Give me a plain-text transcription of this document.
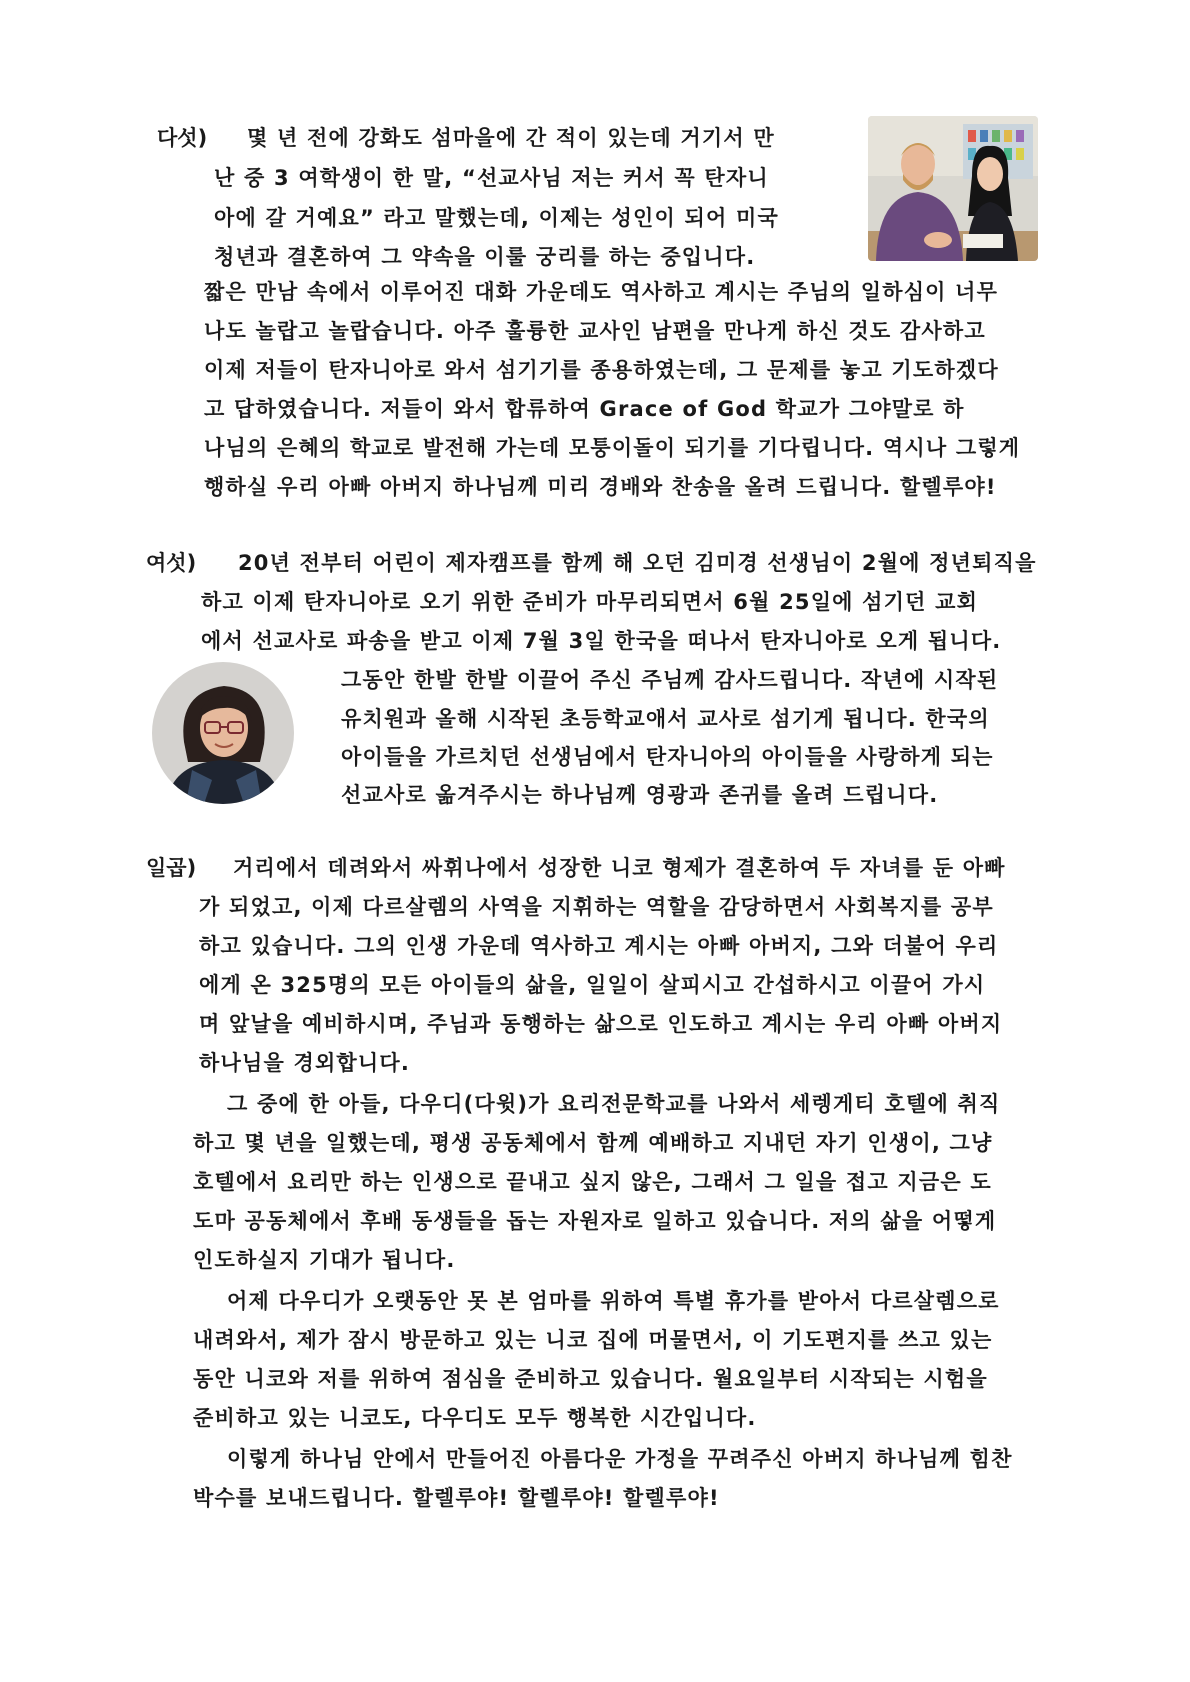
다섯) 몇 년 전에 강화도 섬마을에 간 적이 있는데 거기서 만
난 중 3 여학생이 한 말, “선교사님 저는 커서 꼭 탄자니
아에 갈 거예요” 라고 말했는데, 이제는 성인이 되어 미국
청년과 결혼하여 그 약속을 이룰 궁리를 하는 중입니다.
짧은 만남 속에서 이루어진 대화 가운데도 역사하고 계시는 주님의 일하심이 너무
나도 놀랍고 놀랍습니다. 아주 훌륭한 교사인 남편을 만나게 하신 것도 감사하고
이제 저들이 탄자니아로 와서 섬기기를 종용하였는데, 그 문제를 놓고 기도하겠다
고 답하였습니다. 저들이 와서 합류하여 Grace of God 학교가 그야말로 하
나님의 은혜의 학교로 발전해 가는데 모퉁이돌이 되기를 기다립니다. 역시나 그렇게
행하실 우리 아빠 아버지 하나님께 미리 경배와 찬송을 올려 드립니다. 할렐루야!
여섯) 20년 전부터 어린이 제자캠프를 함께 해 오던 김미경 선생님이 2월에 정년퇴직을
하고 이제 탄자니아로 오기 위한 준비가 마무리되면서 6월 25일에 섬기던 교회
에서 선교사로 파송을 받고 이제 7월 3일 한국을 떠나서 탄자니아로 오게 됩니다.
그동안 한발 한발 이끌어 주신 주님께 감사드립니다. 작년에 시작된
유치원과 올해 시작된 초등학교애서 교사로 섬기게 됩니다. 한국의
아이들을 가르치던 선생님에서 탄자니아의 아이들을 사랑하게 되는
선교사로 옮겨주시는 하나님께 영광과 존귀를 올려 드립니다.
일곱) 거리에서 데려와서 싸휘나에서 성장한 니코 형제가 결혼하여 두 자녀를 둔 아빠
가 되었고, 이제 다르살렘의 사역을 지휘하는 역할을 감당하면서 사회복지를 공부
하고 있습니다. 그의 인생 가운데 역사하고 계시는 아빠 아버지, 그와 더불어 우리
에게 온 325명의 모든 아이들의 삶을, 일일이 살피시고 간섭하시고 이끌어 가시
며 앞날을 예비하시며, 주님과 동행하는 삶으로 인도하고 계시는 우리 아빠 아버지
하나님을 경외합니다.
그 중에 한 아들, 다우디(다윗)가 요리전문학교를 나와서 세렝게티 호텔에 취직
하고 몇 년을 일했는데, 평생 공동체에서 함께 예배하고 지내던 자기 인생이, 그냥
호텔에서 요리만 하는 인생으로 끝내고 싶지 않은, 그래서 그 일을 접고 지금은 도
도마 공동체에서 후배 동생들을 돕는 자원자로 일하고 있습니다. 저의 삶을 어떻게
인도하실지 기대가 됩니다.
어제 다우디가 오랫동안 못 본 엄마를 위하여 특별 휴가를 받아서 다르살렘으로
내려와서, 제가 잠시 방문하고 있는 니코 집에 머물면서, 이 기도편지를 쓰고 있는
동안 니코와 저를 위하여 점심을 준비하고 있습니다. 월요일부터 시작되는 시험을
준비하고 있는 니코도, 다우디도 모두 행복한 시간입니다.
이렇게 하나님 안에서 만들어진 아름다운 가정을 꾸려주신 아버지 하나님께 힘찬
박수를 보내드립니다. 할렐루야! 할렐루야! 할렐루야!
